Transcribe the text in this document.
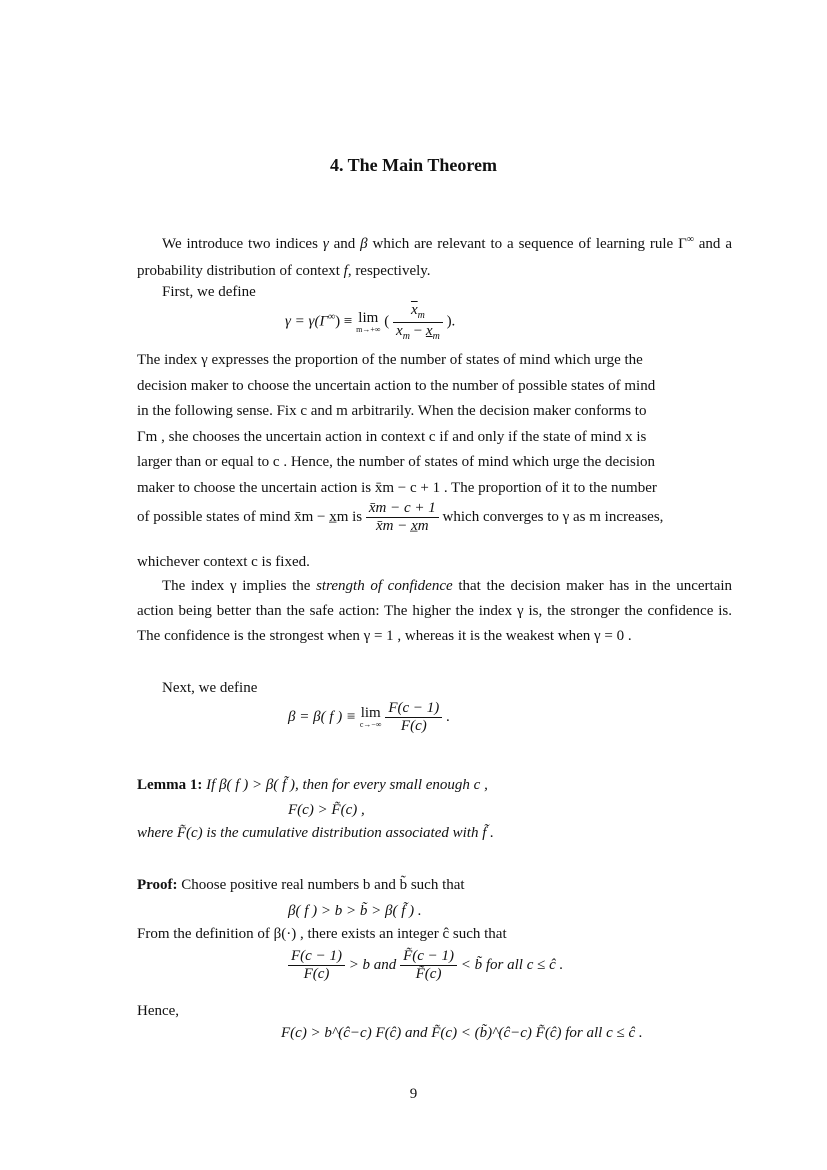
4. The Main Theorem
We introduce two indices γ and β which are relevant to a sequence of learning rule Γ∞ and a probability distribution of context f, respectively.
First, we define
γ = γ(Γ∞) ≡ lim
m→+∞ ( $\frac{\overline{x}_m}{\overline{x}_m - x_m}$ ).
The index γ expresses the proportion of the number of states of mind which urge the
decision maker to choose the uncertain action to the number of possible states of mind
in the following sense. Fix c and m arbitrarily. When the decision maker conforms to
Γm , she chooses the uncertain action in context c if and only if the state of mind x is
larger than or equal to c . Hence, the number of states of mind which urge the decision
maker to choose the uncertain action is x̄m − c + 1 . The proportion of it to the number
of possible states of mind x̄m − x̲m is $\frac{x̄m - c + 1}{x̄m - x̲m}$ which converges to γ as m increases,
whichever context c is fixed.
The index γ implies the strength of confidence that the decision maker has in the uncertain action being better than the safe action: The higher the index γ is, the stronger the confidence is. The confidence is the strongest when γ = 1 , whereas it is the weakest when γ = 0 .
Next, we define
β = β( f ) ≡ lim
c→−∞
$\frac{F(c - 1)}{F(c)}$ .
Lemma 1: If β( f ) > β( f̃ ), then for every small enough c ,
F(c) > F̃(c) ,
where F̃(c) is the cumulative distribution associated with f̃ .
Proof: Choose positive real numbers b and b̃ such that
β( f ) > b > b̃ > β( f̃ ) .
From the definition of β(·) , there exists an integer ĉ such that
$\frac{F(c - 1)}{F(c)} > b$ and $\frac{F̃(c - 1)}{F̃(c)}$ < b̃ for all c ≤ ĉ .
Hence,
F(c) > b^(ĉ−c) F(ĉ) and F̃(c) < (b̃)^(ĉ−c) F̃(ĉ) for all c ≤ ĉ .
9
